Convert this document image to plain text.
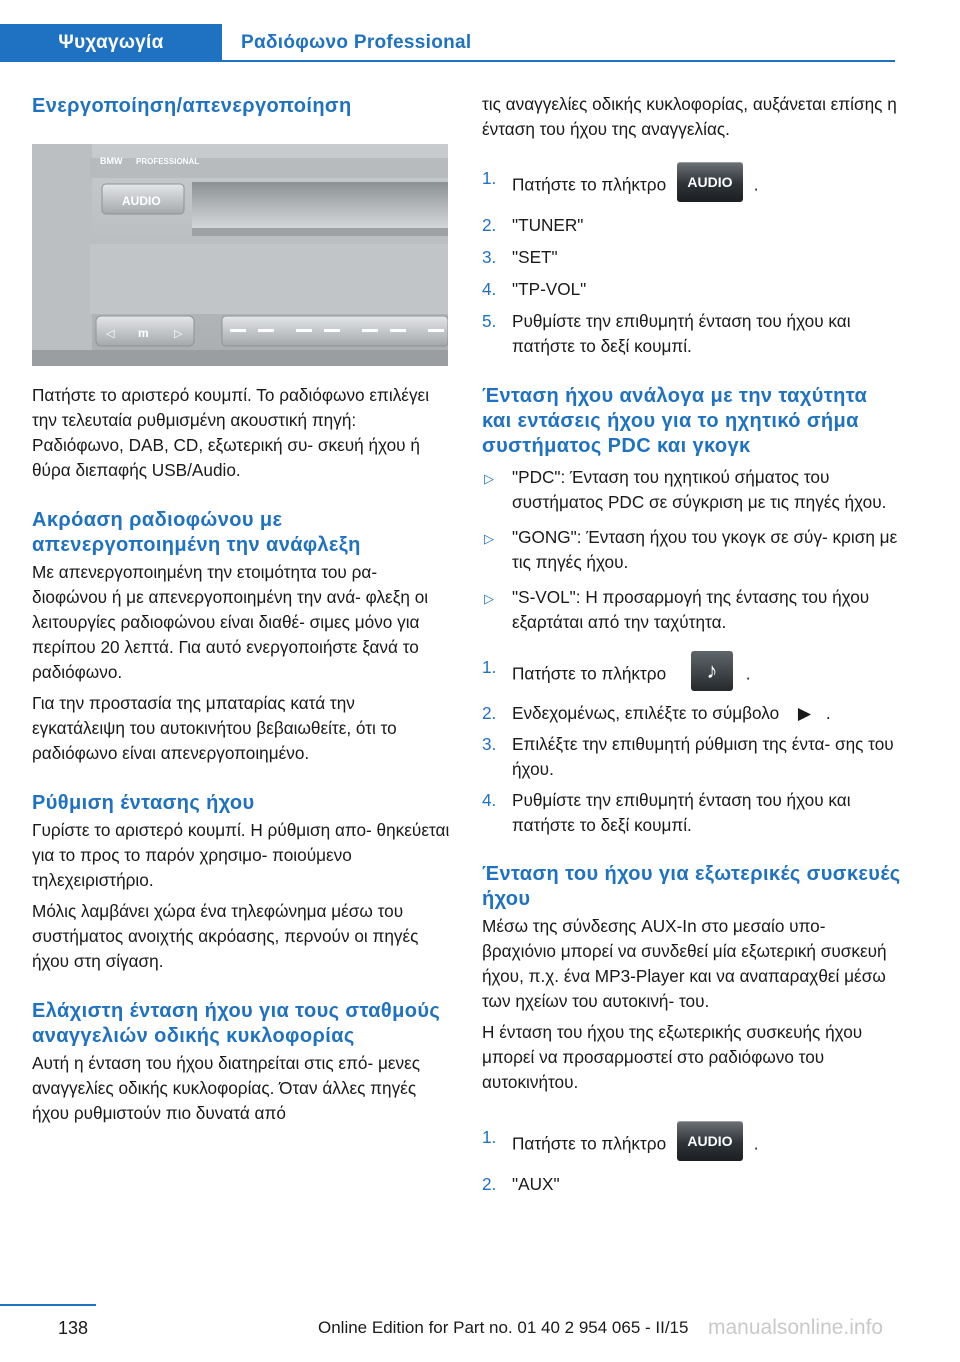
Ψυχαγωγία	Ραδιόφωνο Professional
Ενεργοποίηση/απενεργοποίηση
BMW PROFESSIONAL
AUDIO
◁ m ▷

Πατήστε το αριστερό κουμπί. Το ραδιόφωνο επιλέγει την τελευταία ρυθμισμένη ακουστική πηγή: Ραδιόφωνο, DAB, CD, εξωτερική συ- σκευή ήχου ή θύρα διεπαφής USB/Audio.

Ακρόαση ραδιοφώνου με απενεργοποιημένη την ανάφλεξη

Με απενεργοποιημένη την ετοιμότητα του ρα- διοφώνου ή με απενεργοποιημένη την ανά- φλεξη οι λειτουργίες ραδιοφώνου είναι διαθέ- σιμες μόνο για περίπου 20 λεπτά. Για αυτό ενεργοποιήστε ξανά το ραδιόφωνο.

Για την προστασία της μπαταρίας κατά την εγκατάλειψη του αυτοκινήτου βεβαιωθείτε, ότι το ραδιόφωνο είναι απενεργοποιημένο.

Ρύθμιση έντασης ήχου

Γυρίστε το αριστερό κουμπί. Η ρύθμιση απο- θηκεύεται για το προς το παρόν χρησιμο- ποιούμενο τηλεχειριστήριο.

Μόλις λαμβάνει χώρα ένα τηλεφώνημα μέσω του συστήματος ανοιχτής ακρόασης, περνούν οι πηγές ήχου στη σίγαση.

Ελάχιστη ένταση ήχου για τους σταθμούς αναγγελιών οδικής κυκλοφορίας

Αυτή η ένταση του ήχου διατηρείται στις επό- μενες αναγγελίες οδικής κυκλοφορίας. Όταν άλλες πηγές ήχου ρυθμιστούν πιο δυνατά από

τις αναγγελίες οδικής κυκλοφορίας, αυξάνεται επίσης η ένταση του ήχου της αναγγελίας.

1. Πατήστε το πλήκτρο AUDIO .
2. "TUNER"
3. "SET"
4. "TP-VOL"
5. Ρυθμίστε την επιθυμητή ένταση του ήχου και πατήστε το δεξί κουμπί.
Ένταση ήχου ανάλογα με την ταχύτητα και εντάσεις ήχου για το ηχητικό σήμα συστήματος PDC και γκογκ
▷ "PDC": Ένταση του ηχητικού σήματος του συστήματος PDC σε σύγκριση με τις πηγές ήχου.
▷ "GONG": Ένταση ήχου του γκογκ σε σύγ- κριση με τις πηγές ήχου.
▷ "S-VOL": Η προσαρμογή της έντασης του ήχου εξαρτάται από την ταχύτητα.
1. Πατήστε το πλήκτρο ♪ .
2. Ενδεχομένως, επιλέξτε το σύμβολο ▶ .
3. Επιλέξτε την επιθυμητή ρύθμιση της έντα- σης του ήχου.
4. Ρυθμίστε την επιθυμητή ένταση του ήχου και πατήστε το δεξί κουμπί.
Ένταση του ήχου για εξωτερικές συσκευές ήχου

Μέσω της σύνδεσης AUX-In στο μεσαίο υπο- βραχιόνιο μπορεί να συνδεθεί μία εξωτερική συσκευή ήχου, π.χ. ένα MP3-Player και να αναπαραχθεί μέσω των ηχείων του αυτοκινή- του.

Η ένταση του ήχου της εξωτερικής συσκευής ήχου μπορεί να προσαρμοστεί στο ραδιόφωνο του αυτοκινήτου.

1. Πατήστε το πλήκτρο AUDIO .
2. "AUX"
138	Online Edition for Part no. 01 40 2 954 065 - II/15 manualsonline.info
